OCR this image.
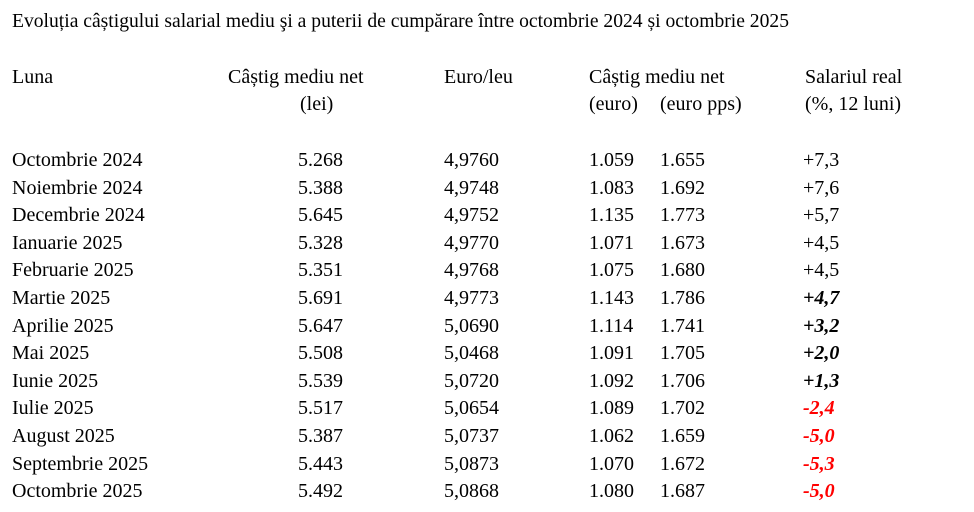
Evoluția câștigului salarial mediu şi a puterii de cumpărare între octombrie 2024 și octombrie 2025
Luna	Câștig mediu net
(lei)
Euro/leu	Câștig mediu net
(euro) (euro pps)
Salariul real
(%, 12 luni)
Octombrie 2024	5.268	4,9760	1.059 1.655	+7,3
Noiembrie 2024	5.388	4,9748	1.083 1.692	+7,6
Decembrie 2024	5.645	4,9752	1.135 1.773	+5,7
Ianuarie 2025	5.328	4,9770	1.071 1.673	+4,5
Februarie 2025	5.351	4,9768	1.075 1.680	+4,5
Martie 2025	5.691	4,9773	1.143 1.786	+4,7
Aprilie 2025	5.647	5,0690	1.114 1.741	+3,2
Mai 2025	5.508	5,0468	1.091 1.705	+2,0
Iunie 2025	5.539	5,0720	1.092 1.706	+1,3
Iulie 2025	5.517	5,0654	1.089 1.702	-2,4
August 2025	5.387	5,0737	1.062 1.659	-5,0
Septembrie 2025	5.443	5,0873	1.070 1.672	-5,3
Octombrie 2025	5.492	5,0868	1.080 1.687	-5,0
